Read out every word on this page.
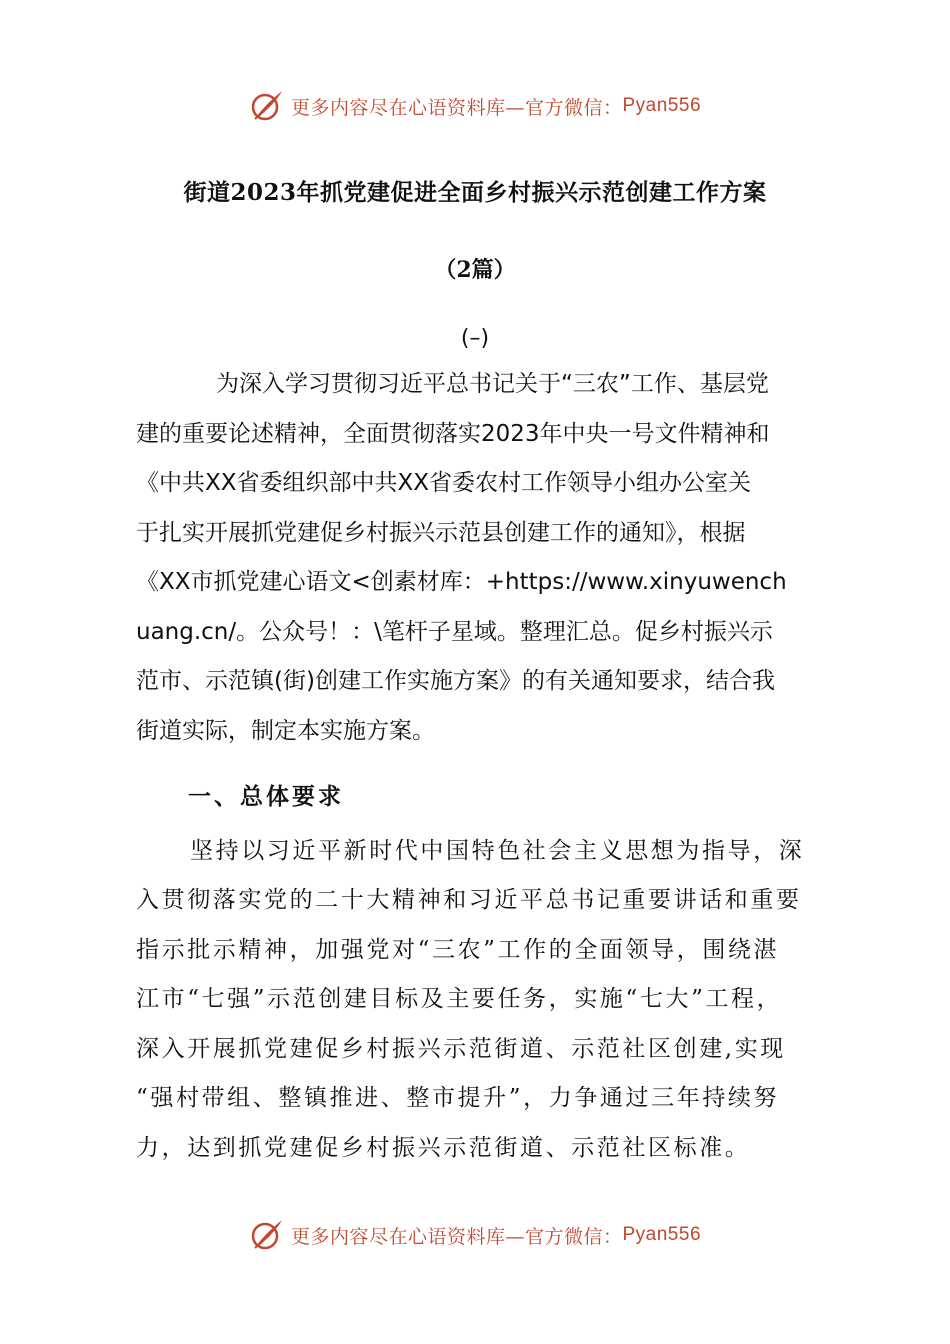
更多内容尽在心语资料库—官方微信： Pyan556
街道2023年抓党建促进全面乡村振兴示范创建工作方案
（2篇）
(–)
为深入学习贯彻习近平总书记关于“三农”工作、基层党
建的重要论述精神，全面贯彻落实2023年中央一号文件精神和
《中共XX省委组织部中共XX省委农村工作领导小组办公室关
于扎实开展抓党建促乡村振兴示范县创建工作的通知》，根据
《XX市抓党建心语文<创素材库：+https://www.xinyuwench
uang.cn/。公众号！：\笔杆子星域。整理汇总。促乡村振兴示
范市、示范镇(街)创建工作实施方案》的有关通知要求，结合我
街道实际，制定本实施方案。
一、总体要求
坚持以习近平新时代中国特色社会主义思想为指导，深
入贯彻落实党的二十大精神和习近平总书记重要讲话和重要
指示批示精神，加强党对“三农”工作的全面领导，围绕湛
江市“七强”示范创建目标及主要任务，实施“七大”工程，
深入开展抓党建促乡村振兴示范街道、示范社区创建,实现
“强村带组、整镇推进、整市提升”，力争通过三年持续努
力，达到抓党建促乡村振兴示范街道、示范社区标准。
更多内容尽在心语资料库—官方微信： Pyan556
